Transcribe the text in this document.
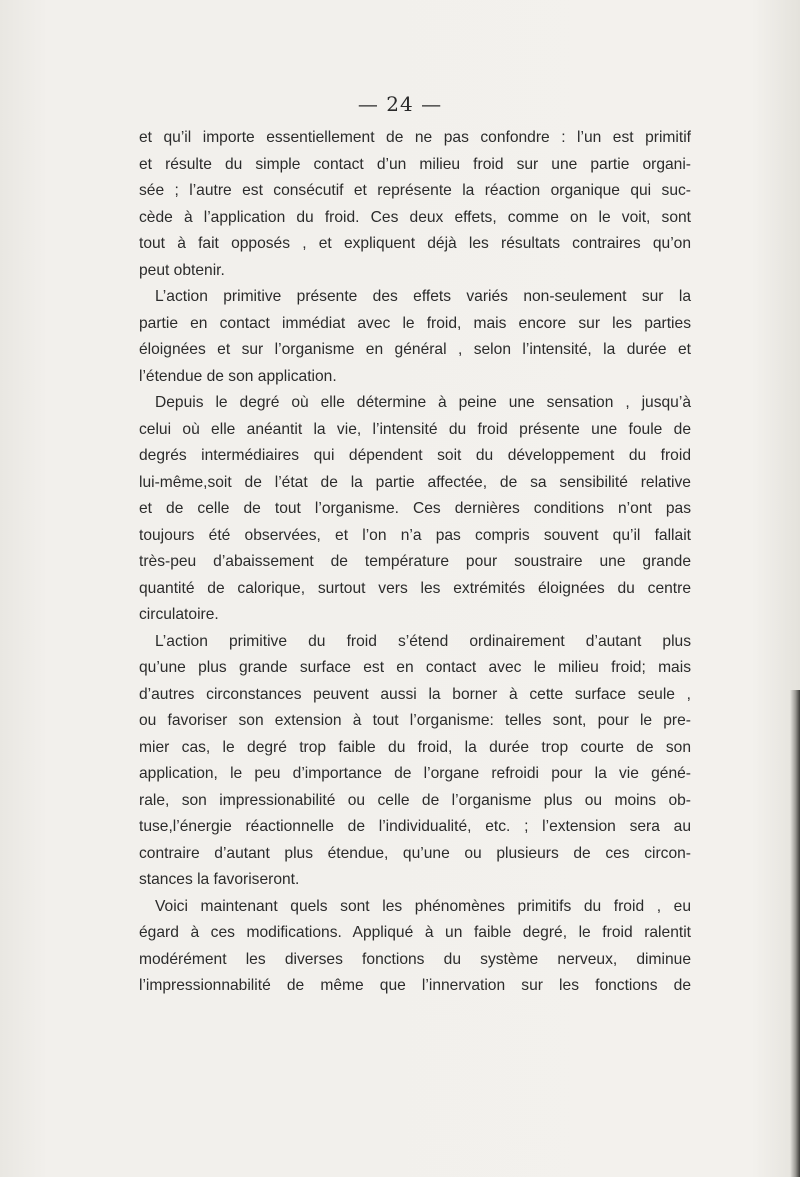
— 24 —
et qu’il importe essentiellement de ne pas confondre : l’un est primitif
et résulte du simple contact d’un milieu froid sur une partie organi-
sée ; l’autre est consécutif et représente la réaction organique qui suc-
cède à l’application du froid. Ces deux effets, comme on le voit, sont
tout à fait opposés , et expliquent déjà les résultats contraires qu’on
peut obtenir.
L’action primitive présente des effets variés non-seulement sur la
partie en contact immédiat avec le froid, mais encore sur les parties
éloignées et sur l’organisme en général , selon l’intensité, la durée et
l’étendue de son application.
Depuis le degré où elle détermine à peine une sensation , jusqu’à
celui où elle anéantit la vie, l’intensité du froid présente une foule de
degrés intermédiaires qui dépendent soit du développement du froid
lui-même,soit de l’état de la partie affectée, de sa sensibilité relative
et de celle de tout l’organisme. Ces dernières conditions n’ont pas
toujours été observées, et l’on n’a pas compris souvent qu’il fallait
très-peu d’abaissement de température pour soustraire une grande
quantité de calorique, surtout vers les extrémités éloignées du centre
circulatoire.
L’action primitive du froid s’étend ordinairement d’autant plus
qu’une plus grande surface est en contact avec le milieu froid; mais
d’autres circonstances peuvent aussi la borner à cette surface seule ,
ou favoriser son extension à tout l’organisme: telles sont, pour le pre-
mier cas, le degré trop faible du froid, la durée trop courte de son
application, le peu d’importance de l’organe refroidi pour la vie géné-
rale, son impressionabilité ou celle de l’organisme plus ou moins ob-
tuse,l’énergie réactionnelle de l’individualité, etc. ; l’extension sera au
contraire d’autant plus étendue, qu’une ou plusieurs de ces circon-
stances la favoriseront.
Voici maintenant quels sont les phénomènes primitifs du froid , eu
égard à ces modifications. Appliqué à un faible degré, le froid ralentit
modérément les diverses fonctions du système nerveux, diminue
l’impressionnabilité de même que l’innervation sur les fonctions de
